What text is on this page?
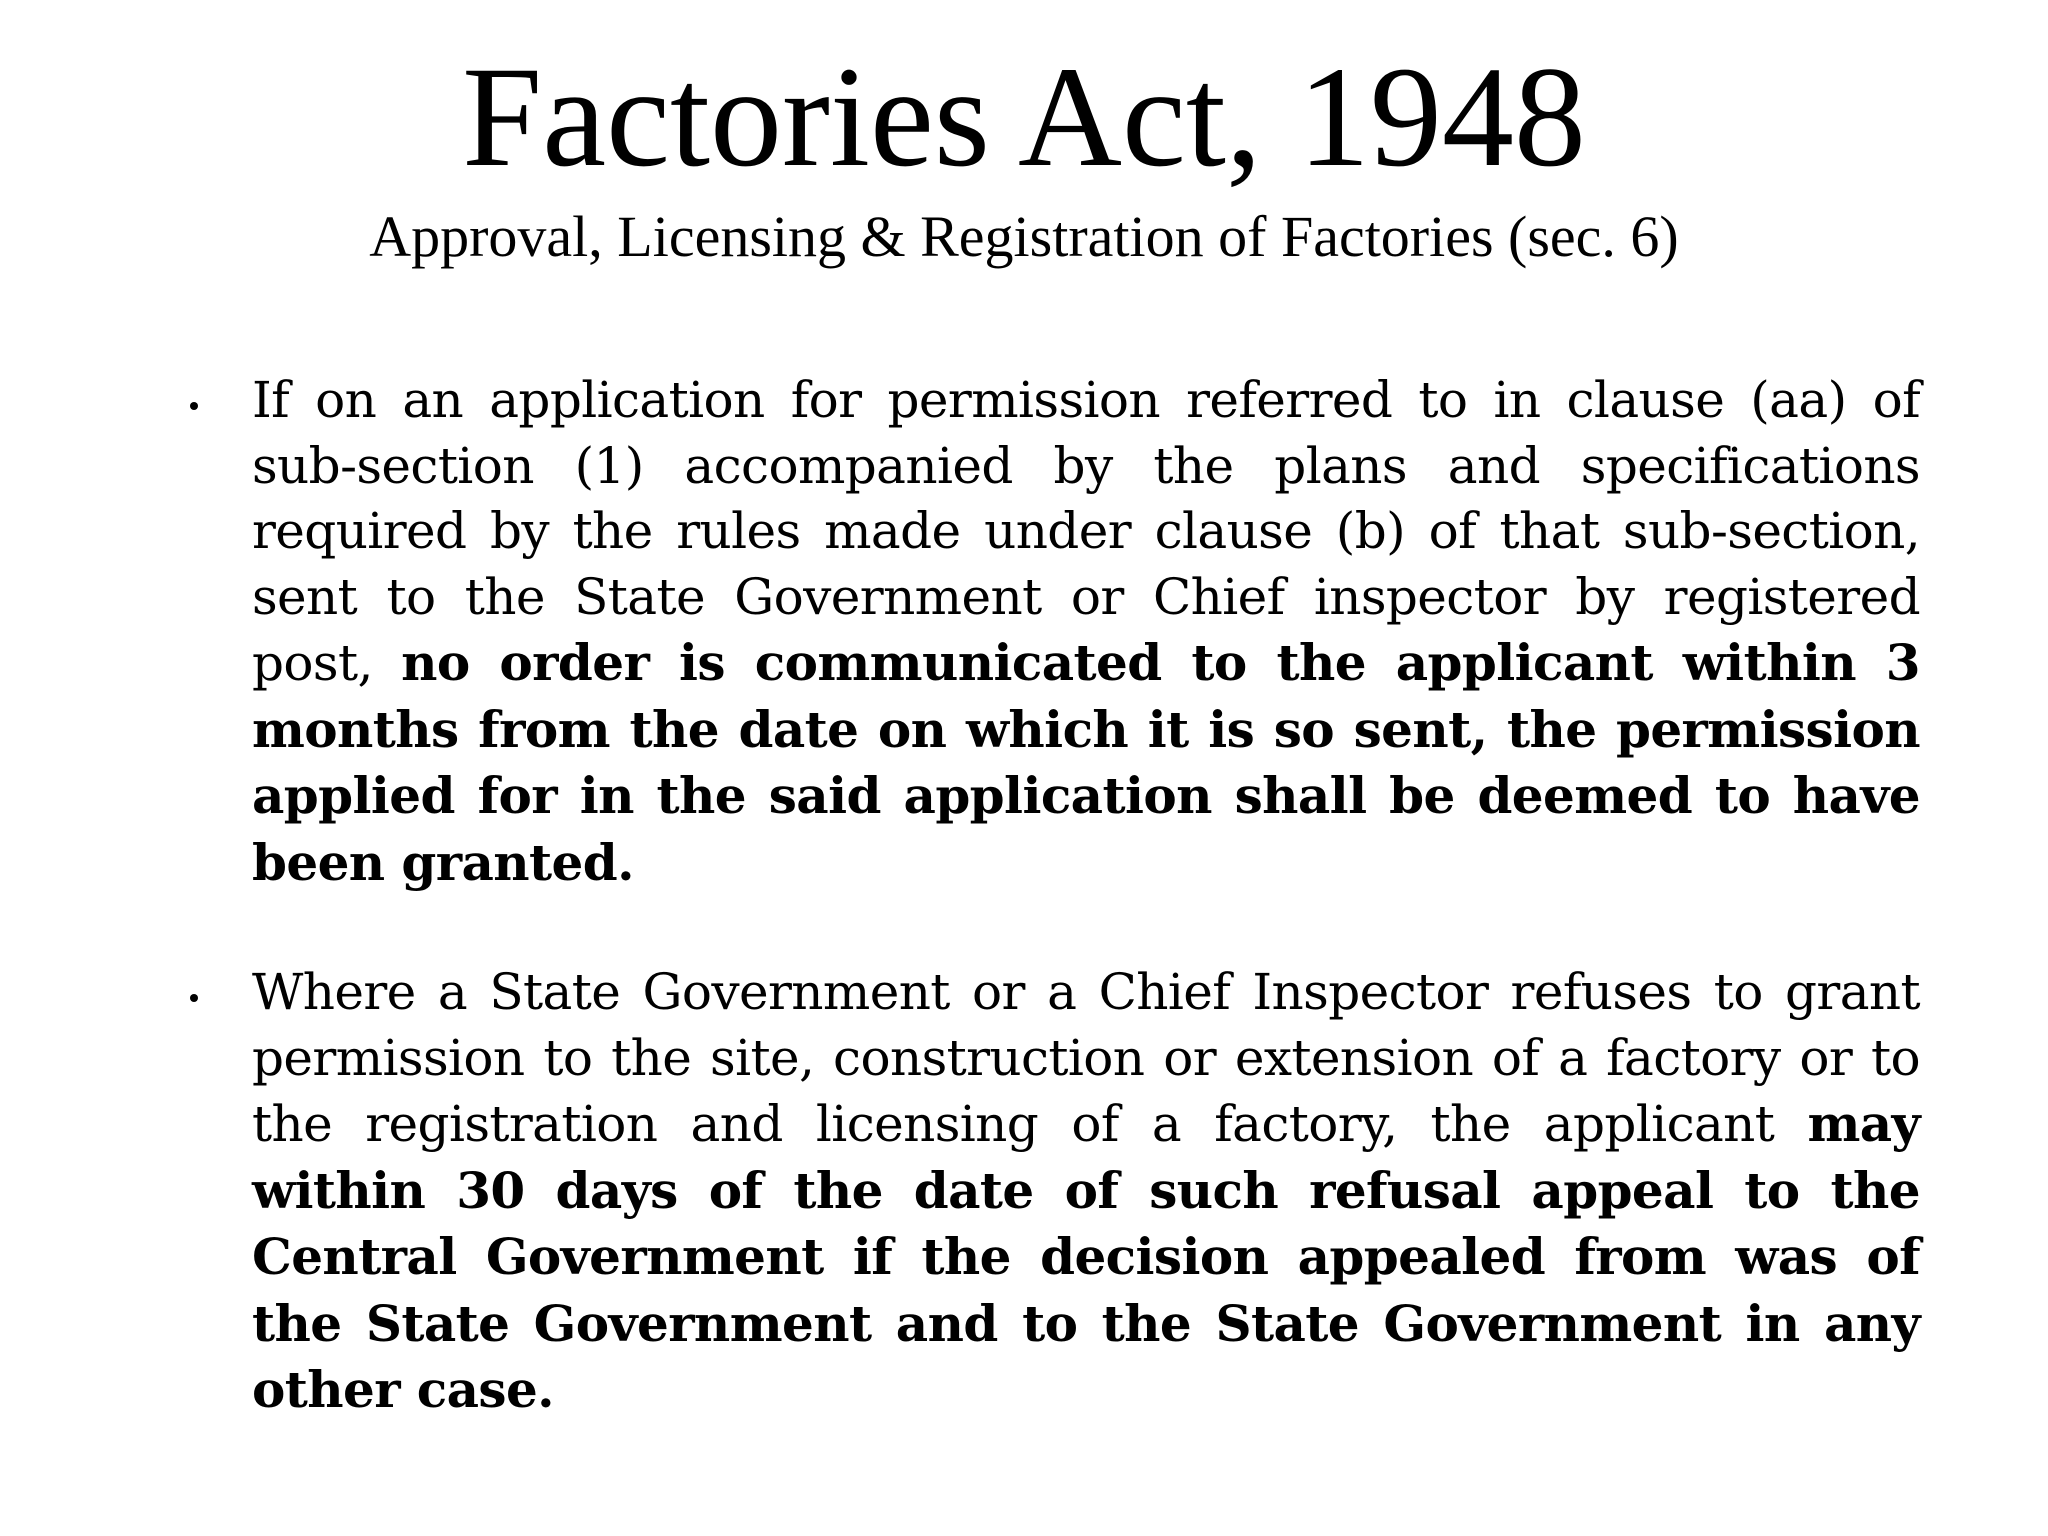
Factories Act, 1948

Approval, Licensing & Registration of Factories (sec. 6)

If on an application for permission referred to in clause (aa) of sub-section (1) accompanied by the plans and specifications required by the rules made under clause (b) of that sub-section, sent to the State Government or Chief inspector by registered post, no order is communicated to the applicant within 3 months from the date on which it is so sent, the permission applied for in the said application shall be deemed to have been granted.
Where a State Government or a Chief Inspector refuses to grant permission to the site, construction or extension of a factory or to the registration and licensing of a factory, the applicant may within 30 days of the date of such refusal appeal to the Central Government if the decision appealed from was of the State Government and to the State Government in any other case.
